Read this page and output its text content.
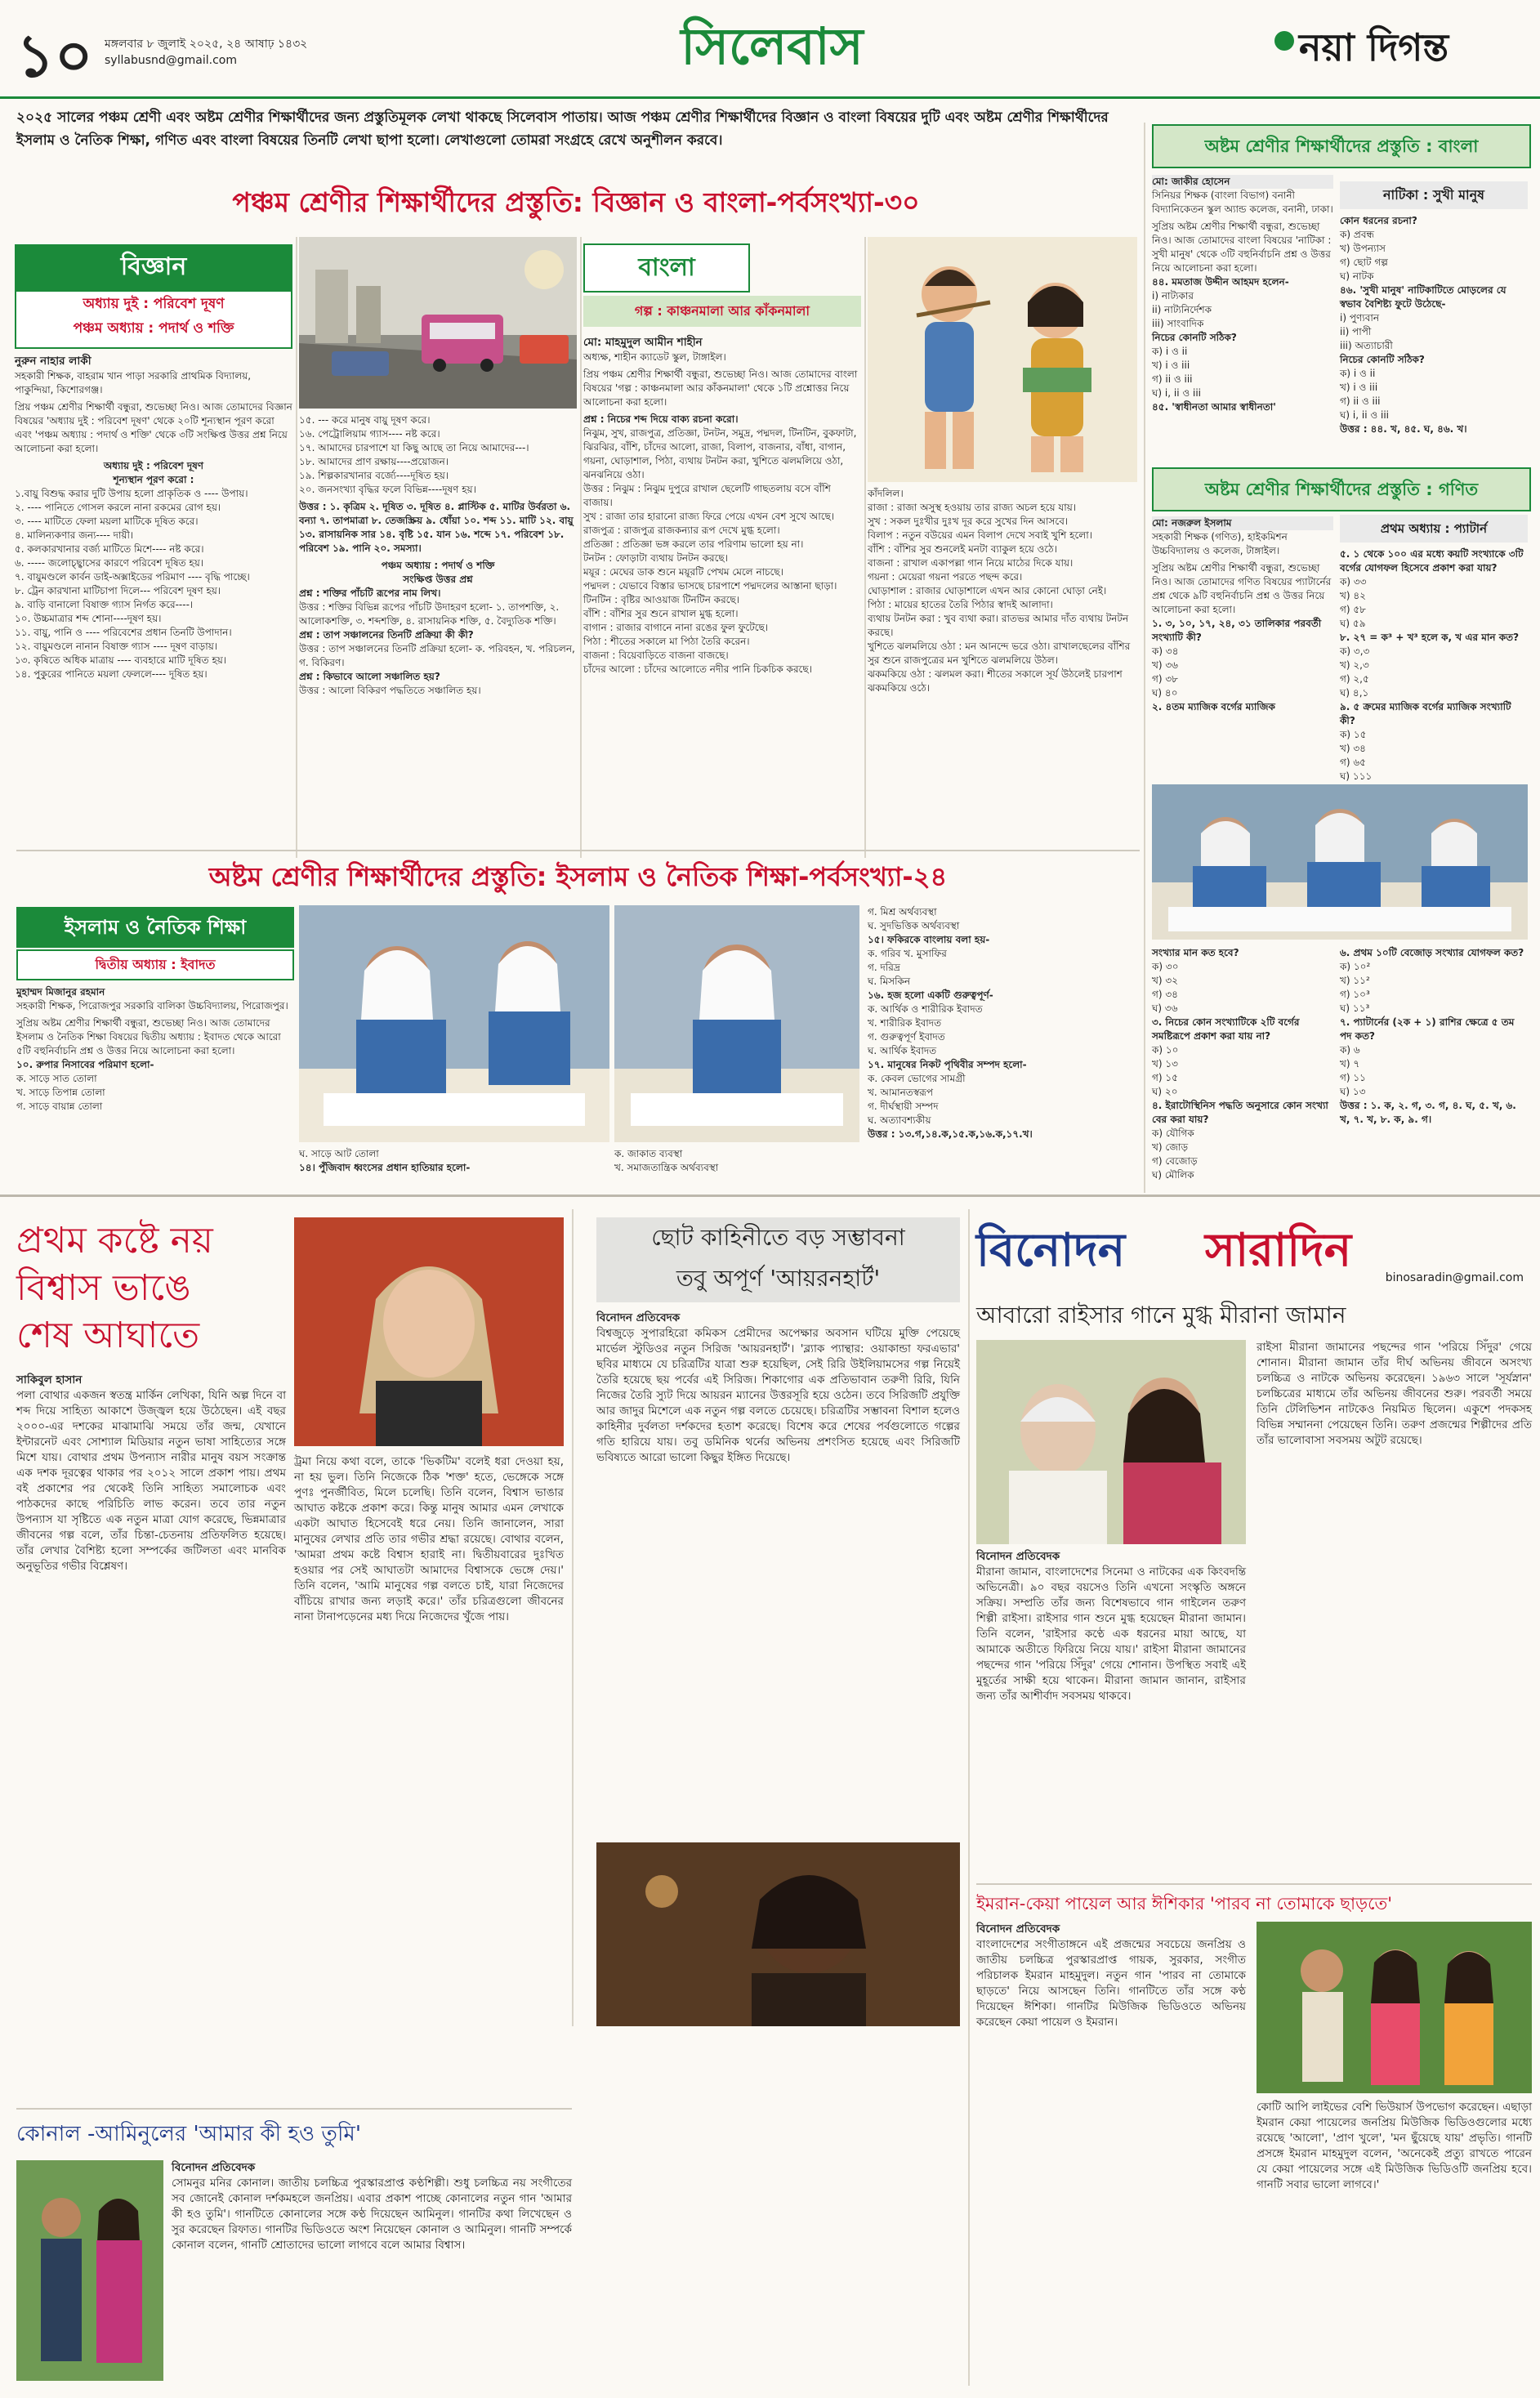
১০ মঙ্গলবার ৮ জুলাই ২০২৫, ২৪ আষাঢ় ১৪৩২
syllabusnd@gmail.com	সিলেবাস	নয়া দিগন্ত
২০২৫ সালের পঞ্চম শ্রেণী এবং অষ্টম শ্রেণীর শিক্ষার্থীদের জন্য প্রস্তুতিমূলক লেখা থাকছে সিলেবাস পাতায়। আজ পঞ্চম শ্রেণীর শিক্ষার্থীদের বিজ্ঞান ও বাংলা বিষয়ের দুটি এবং অষ্টম শ্রেণীর শিক্ষার্থীদের ইসলাম ও নৈতিক শিক্ষা, গণিত এবং বাংলা বিষয়ের তিনটি লেখা ছাপা হলো। লেখাগুলো তোমরা সংগ্রহে রেখে অনুশীলন করবে।
পঞ্চম শ্রেণীর শিক্ষার্থীদের প্রস্তুতি: বিজ্ঞান ও বাংলা-পর্বসংখ্যা-৩০
বিজ্ঞান
অধ্যায় দুই : পরিবেশ দূষণ
পঞ্চম অধ্যায় : পদার্থ ও শক্তি
নুরুন নাহার লাকী
সহকারী শিক্ষক, বাহরাম খান পাড়া সরকারি প্রাথমিক বিদ্যালয়, পাকুন্দিয়া, কিশোরগঞ্জ।
প্রিয় পঞ্চম শ্রেণীর শিক্ষার্থী বন্ধুরা, শুভেচ্ছা নিও। আজ তোমাদের বিজ্ঞান বিষয়ের 'অধ্যায় দুই : পরিবেশ দূষণ' থেকে ২০টি শূন্যস্থান পূরণ করো এবং 'পঞ্চম অধ্যায় : পদার্থ ও শক্তি' থেকে ৩টি সংক্ষিপ্ত উত্তর প্রশ্ন নিয়ে আলোচনা করা হলো।
অধ্যায় দুই : পরিবেশ দূষণ
শূন্যস্থান পূরণ করো :
১.বায়ু বিশুদ্ধ করার দুটি উপায় হলো প্রাকৃতিক ও ---- উপায়।
২. ---- পানিতে গোসল করলে নানা রকমের রোগ হয়।
৩. ---- মাটিতে ফেলা ময়লা মাটিকে দূষিত করে।
৪. মালিন্যকণার জন্য---- দায়ী।
৫. কলকারখানার বর্জ্য মাটিতে মিশে---- নষ্ট করে।
৬. ----- জলোচ্ছ্বাসের কারণে পরিবেশ দূষিত হয়।
৭. বায়ুমণ্ডলে কার্বন ডাই-অক্সাইডের পরিমাণ ---- বৃদ্ধি পাচ্ছে।
৮. ট্রেন কারখানা মাটিচাপা দিলে--- পরিবেশ দূষণ হয়।
৯. বাড়ি বানালো বিষাক্ত গ্যাস নির্গত করে----।
১০. উচ্চমাত্রার শব্দ শোনা----দূষণ হয়।
১১. বায়ু, পানি ও ---- পরিবেশের প্রধান তিনটি উপাদান।
১২. বায়ুমণ্ডলে নানান বিষাক্ত গ্যাস ---- দূষণ বাড়ায়।
১৩. কৃষিতে অধিক মাত্রায় ---- ব্যবহারে মাটি দূষিত হয়।
১৪. পুকুরের পানিতে ময়লা ফেললে---- দূষিত হয়।
১৫. --- করে মানুষ বায়ু দূষণ করে।
১৬. পেট্রোলিয়াম গ্যাস---- নষ্ট করে।
১৭. আমাদের চারপাশে যা কিছু আছে তা নিয়ে আমাদের---।
১৮. আমাদের প্রাণ রক্ষায়----প্রয়োজন।
১৯. শিল্পকারখানার বর্জ্যে----দূষিত হয়।
২০. জনসংখ্যা বৃদ্ধির ফলে বিভিন্ন----দূষণ হয়।
উত্তর : ১. কৃত্রিম ২. দূষিত ৩. দূষিত ৪. প্লাস্টিক ৫. মাটির উর্বরতা ৬. বন্যা ৭. তাপমাত্রা ৮. তেজস্ক্রিয় ৯. ধোঁয়া ১০. শব্দ ১১. মাটি ১২. বায়ু ১৩. রাসায়নিক সার ১৪. বৃষ্টি ১৫. যান ১৬. শব্দে ১৭. পরিবেশ ১৮. পরিবেশ ১৯. পানি ২০. সমস্যা।
পঞ্চম অধ্যায় : পদার্থ ও শক্তি
সংক্ষিপ্ত উত্তর প্রশ্ন
প্রশ্ন : শক্তির পাঁচটি রূপের নাম লিখ।
উত্তর : শক্তির বিভিন্ন রূপের পাঁচটি উদাহরণ হলো- ১. তাপশক্তি, ২. আলোকশক্তি, ৩. শব্দশক্তি, ৪. রাসায়নিক শক্তি, ৫. বৈদ্যুতিক শক্তি।
প্রশ্ন : তাপ সঞ্চালনের তিনটি প্রক্রিয়া কী কী?
উত্তর : তাপ সঞ্চালনের তিনটি প্রক্রিয়া হলো- ক. পরিবহন, খ. পরিচলন, গ. বিকিরণ।
প্রশ্ন : কিভাবে আলো সঞ্চালিত হয়?
উত্তর : আলো বিকিরণ পদ্ধতিতে সঞ্চালিত হয়।
বাংলা
গল্প : কাঞ্চনমালা আর কাঁকনমালা
মো: মাহমুদুল আমীন শাহীন
অধ্যক্ষ, শাহীন ক্যাডেট স্কুল, টাঙ্গাইল।
প্রিয় পঞ্চম শ্রেণীর শিক্ষার্থী বন্ধুরা, শুভেচ্ছা নিও। আজ তোমাদের বাংলা বিষয়ের 'গল্প : কাঞ্চনমালা আর কাঁকনমালা' থেকে ১টি প্রশ্নোত্তর নিয়ে আলোচনা করা হলো।
প্রশ্ন : নিচের শব্দ দিয়ে বাক্য রচনা করো।
নিঝুম, সুখ, রাজপুত্র, প্রতিজ্ঞা, টনটন, সমুদ্র, পদ্মদল, টিনটিন, বুকফাটা, ঝিরঝির, বাঁশি, চাঁদের আলো, রাজা, বিলাপ, বাজনার, বাঁধা, বাগান, গয়না, ঘোড়াশাল, পিঠা, ব্যথায় টনটন করা, খুশিতে ঝলমলিয়ে ওঠা, ঝনঝনিয়ে ওঠা।
উত্তর : নিঝুম : নিঝুম দুপুরে রাখাল ছেলেটি গাছতলায় বসে বাঁশি বাজায়।
সুখ : রাজা তার হারানো রাজ্য ফিরে পেয়ে এখন বেশ সুখে আছে।
রাজপুত্র : রাজপুত্র রাজকন্যার রূপ দেখে মুগ্ধ হলো।
প্রতিজ্ঞা : প্রতিজ্ঞা ভঙ্গ করলে তার পরিণাম ভালো হয় না।
টনটন : ফোড়াটা ব্যথায় টনটন করছে।
ময়ূর : মেঘের ডাক শুনে ময়ূরটি পেখম মেলে নাচছে।
পদ্মদল : যেভাবে বিস্তার ভাসছে চারপাশে পদ্মদলের আস্তানা ছাড়া।
টিনটিন : বৃষ্টির আওয়াজ টিনটিন করছে।
বাঁশি : বাঁশির সুর শুনে রাখাল মুগ্ধ হলো।
বাগান : রাজার বাগানে নানা রঙের ফুল ফুটেছে।
পিঠা : শীতের সকালে মা পিঠা তৈরি করেন।
বাজনা : বিয়েবাড়িতে বাজনা বাজছে।
চাঁদের আলো : চাঁদের আলোতে নদীর পানি চিকচিক করছে।
কাঁদলিল।
রাজা : রাজা অসুস্থ হওয়ায় তার রাজ্য অচল হয়ে যায়।
সুখ : সকল দুঃখীর দুঃখ দূর করে সুখের দিন আসবে।
বিলাপ : নতুন বউয়ের এমন বিলাপ দেখে সবাই খুশি হলো।
বাঁশি : বাঁশির সুর শুনলেই মনটা ব্যাকুল হয়ে ওঠে।
বাজনা : রাখাল একাপল্লা গান নিয়ে মাঠের দিকে যায়।
গয়না : মেয়েরা গয়না পরতে পছন্দ করে।
ঘোড়াশাল : রাজার ঘোড়াশালে এখন আর কোনো ঘোড়া নেই।
পিঠা : মায়ের হাতের তৈরি পিঠার স্বাদই আলাদা।
ব্যথায় টনটন করা : খুব ব্যথা করা। রাতভর আমার দাঁত ব্যথায় টনটন করছে।
খুশিতে ঝলমলিয়ে ওঠা : মন আনন্দে ভরে ওঠা। রাখালছেলের বাঁশির সুর শুনে রাজপুত্রের মন খুশিতে ঝলমলিয়ে উঠল।
ঝকমকিয়ে ওঠা : ঝলমল করা। শীতের সকালে সূর্য উঠলেই চারপাশ ঝকমকিয়ে ওঠে।
অষ্টম শ্রেণীর শিক্ষার্থীদের প্রস্তুতি : বাংলা
মো: জাকীর হোসেন
সিনিয়র শিক্ষক (বাংলা বিভাগ) বনানী বিদ্যানিকেতন স্কুল অ্যান্ড কলেজ, বনানী, ঢাকা।
সুপ্রিয় অষ্টম শ্রেণীর শিক্ষার্থী বন্ধুরা, শুভেচ্ছা নিও। আজ তোমাদের বাংলা বিষয়ের 'নাটিকা : সুখী মানুষ' থেকে ৩টি বহুনির্বাচনি প্রশ্ন ও উত্তর নিয়ে আলোচনা করা হলো।
৪৪. মমতাজ উদ্দীন আহমদ হলেন-
i) নাট্যকার
ii) নাট্যনির্দেশক
iii) সাংবাদিক
নিচের কোনটি সঠিক?
ক) i ও ii
খ) i ও iii
গ) ii ও iii
ঘ) i, ii ও iii
৪৫. 'স্বাধীনতা আমার স্বাধীনতা'
নাটিকা : সুখী মানুষ
কোন ধরনের রচনা?
ক) প্রবন্ধ
খ) উপন্যাস
গ) ছোট গল্প
ঘ) নাটক
৪৬. 'সুখী মানুষ' নাটিকাটিতে মোড়লের যে স্বভাব বৈশিষ্ট্য ফুটে উঠেছে-
i) পুণ্যবান
ii) পাপী
iii) অত্যাচারী
নিচের কোনটি সঠিক?
ক) i ও ii
খ) i ও iii
গ) ii ও iii
ঘ) i, ii ও iii
উত্তর : ৪৪. খ, ৪৫. ঘ, ৪৬. খ।
অষ্টম শ্রেণীর শিক্ষার্থীদের প্রস্তুতি : গণিত
প্রথম অধ্যায় : প্যাটার্ন
মো: নজরুল ইসলাম
সহকারী শিক্ষক (গণিত), হাইকমিশন উচ্চবিদ্যালয় ও কলেজ, টাঙ্গাইল।
সুপ্রিয় অষ্টম শ্রেণীর শিক্ষার্থী বন্ধুরা, শুভেচ্ছা নিও। আজ তোমাদের গণিত বিষয়ের প্যাটার্নের প্রশ্ন থেকে ৯টি বহুনির্বাচনি প্রশ্ন ও উত্তর নিয়ে আলোচনা করা হলো।
১. ৩, ১০, ১৭, ২৪, ৩১ তালিকার পরবর্তী সংখ্যাটি কী?
ক) ৩৪
খ) ৩৬
গ) ৩৮
ঘ) ৪০
২. ৪তম ম্যাজিক বর্গের ম্যাজিক
৫. ১ থেকে ১০০ এর মধ্যে কয়টি সংখ্যাকে ৩টি বর্গের যোগফল হিসেবে প্রকাশ করা যায়?
ক) ৩৩
খ) ৪২
গ) ৫৮
ঘ) ৫৯
৮. ২৭ = ক³ + খ³ হলে ক, খ এর মান কত?
ক) ৩,৩
খ) ২,৩
গ) ২,৫
ঘ) ৪,১
৯. ৫ ক্রমের ম্যাজিক বর্গের ম্যাজিক সংখ্যাটি কী?
ক) ১৫
খ) ৩৪
গ) ৬৫
ঘ) ১১১
সংখ্যার মান কত হবে?
ক) ৩০
খ) ৩২
গ) ৩৪
ঘ) ৩৬
৩. নিচের কোন সংখ্যাটিকে ২টি বর্গের সমষ্টিরূপে প্রকাশ করা যায় না?
ক) ১০
খ) ১৩
গ) ১৫
ঘ) ২০
৪. ইরাটোস্থিনিস পদ্ধতি অনুসারে কোন সংখ্যা বের করা যায়?
ক) যৌগিক
খ) জোড়
গ) বেজোড়
ঘ) মৌলিক
৬. প্রথম ১০টি বেজোড় সংখ্যার যোগফল কত?
ক) ১০²
খ) ১১²
গ) ১০³
ঘ) ১১³
৭. প্যাটার্নের (২ক + ১) রাশির ক্ষেত্রে ৫ তম পদ কত?
ক) ৬
খ) ৭
গ) ১১
ঘ) ১৩
উত্তর : ১. ক, ২. গ, ৩. গ, ৪. ঘ, ৫. খ, ৬. খ, ৭. খ, ৮. ক, ৯. গ।
অষ্টম শ্রেণীর শিক্ষার্থীদের প্রস্তুতি: ইসলাম ও নৈতিক শিক্ষা-পর্বসংখ্যা-২৪
ইসলাম ও নৈতিক শিক্ষা
দ্বিতীয় অধ্যায় : ইবাদত
মুহাম্মদ মিজানুর রহমান
সহকারী শিক্ষক, পিরোজপুর সরকারি বালিকা উচ্চবিদ্যালয়, পিরোজপুর।
সুপ্রিয় অষ্টম শ্রেণীর শিক্ষার্থী বন্ধুরা, শুভেচ্ছা নিও। আজ তোমাদের ইসলাম ও নৈতিক শিক্ষা বিষয়ের দ্বিতীয় অধ্যায় : ইবাদত থেকে আরো ৫টি বহুনির্বাচনি প্রশ্ন ও উত্তর নিয়ে আলোচনা করা হলো।
১০. রুপার নিসাবের পরিমাণ হলো-
ক. সাড়ে সাত তোলা
খ. সাড়ে তিপান্ন তোলা
গ. সাড়ে বায়ান্ন তোলা
ঘ. সাড়ে আট তোলা
১৪। পুঁজিবাদ ধ্বংসের প্রধান হাতিয়ার হলো-
ক. জাকাত ব্যবস্থা
খ. সমাজতান্ত্রিক অর্থব্যবস্থা
গ. মিশ্র অর্থব্যবস্থা
ঘ. সুদভিত্তিক অর্থব্যবস্থা
১৫। ফকিরকে বাংলায় বলা হয়-
ক. গরিব খ. মুসাফির
গ. দরিদ্র
ঘ. মিসকিন
১৬. হজ হলো একটি গুরুত্বপূর্ণ-
ক. আর্থিক ও শারীরিক ইবাদত
খ. শারীরিক ইবাদত
গ. গুরুত্বপূর্ণ ইবাদত
ঘ. আর্থিক ইবাদত
১৭. মানুষের নিকট পৃথিবীর সম্পদ হলো-
ক. কেবল ভোগের সামগ্রী
খ. আমানতস্বরূপ
গ. দীর্ঘস্থায়ী সম্পদ
ঘ. অত্যাবশ্যকীয়
উত্তর : ১৩.গ,১৪.ক,১৫.ক,১৬.ক,১৭.খ।
প্রথম কষ্টে নয়
বিশ্বাস ভাঙে
শেষ আঘাতে
সাকিবুল হাসান
পলা বোথার একজন স্বতন্ত্র মার্কিন লেখিকা, যিনি অল্প দিনে বা শব্দ দিয়ে সাহিত্য আকাশে উজ্জ্বল হয়ে উঠেছেন। এই বছর ২০০০-এর দশকের মাঝামাঝি সময়ে তাঁর জন্ম, যেখানে ইন্টারনেট এবং সোশ্যাল মিডিয়ার নতুন ভাষা সাহিত্যের সঙ্গে মিশে যায়। বোথার প্রথম উপন্যাস নারীর মানুষ বয়স সংক্রান্ত এক দশক দূরত্বের থাকার পর ২০১২ সালে প্রকাশ পায়। প্রথম বই প্রকাশের পর থেকেই তিনি সাহিত্য সমালোচক এবং পাঠকদের কাছে পরিচিতি লাভ করেন। তবে তার নতুন উপন্যাস যা সৃষ্টিতে এক নতুন মাত্রা যোগ করেছে, ভিন্নমাত্রার জীবনের গল্প বলে, তাঁর চিন্তা-চেতনায় প্রতিফলিত হয়েছে। তাঁর লেখার বৈশিষ্ট্য হলো সম্পর্কের জটিলতা এবং মানবিক অনুভূতির গভীর বিশ্লেষণ।
ট্রমা নিয়ে কথা বলে, তাকে 'ভিকটিম' বলেই ধরা দেওয়া হয়, না হয় ভুল। তিনি নিজেকে ঠিক 'শক্ত' হতে, ভেঙ্গেকে সঙ্গে পুণঃ পুনর্জীবিত, মিলে চলেছি। তিনি বলেন, বিশ্বাস ভাঙার আঘাত কষ্টকে প্রকাশ করে। কিন্তু মানুষ আমার এমন লেখাকে একটা আঘাত হিসেবেই ধরে নেয়। তিনি জানালেন, সারা মানুষের লেখার প্রতি তার গভীর শ্রদ্ধা রয়েছে। বোথার বলেন, 'আমরা প্রথম কষ্টে বিশ্বাস হারাই না। দ্বিতীয়বারের দুঃখিত হওয়ার পর সেই আঘাতটা আমাদের বিশ্বাসকে ভেঙ্গে দেয়।' তিনি বলেন, 'আমি মানুষের গল্প বলতে চাই, যারা নিজেদের বাঁচিয়ে রাখার জন্য লড়াই করে।' তাঁর চরিত্রগুলো জীবনের নানা টানাপড়েনের মধ্য দিয়ে নিজেদের খুঁজে পায়।
ছোট কাহিনীতে বড় সম্ভাবনা
তবু অপূর্ণ 'আয়রনহার্ট'
বিনোদন প্রতিবেদক
বিশ্বজুড়ে সুপারহিরো কমিকস প্রেমীদের অপেক্ষার অবসান ঘটিয়ে মুক্তি পেয়েছে মার্ভেল স্টুডিওর নতুন সিরিজ 'আয়রনহার্ট'। 'ব্ল্যাক প্যান্থার: ওয়াকান্ডা ফরএভার' ছবির মাধ্যমে যে চরিত্রটির যাত্রা শুরু হয়েছিল, সেই রিরি উইলিয়ামসের গল্প নিয়েই তৈরি হয়েছে ছয় পর্বের এই সিরিজ। শিকাগোর এক প্রতিভাবান তরুণী রিরি, যিনি নিজের তৈরি স্যুট দিয়ে আয়রন ম্যানের উত্তরসূরি হয়ে ওঠেন। তবে সিরিজটি প্রযুক্তি আর জাদুর মিশেলে এক নতুন গল্প বলতে চেয়েছে। চরিত্রটির সম্ভাবনা বিশাল হলেও কাহিনীর দুর্বলতা দর্শকদের হতাশ করেছে। বিশেষ করে শেষের পর্বগুলোতে গল্পের গতি হারিয়ে যায়। তবু ডমিনিক থর্নের অভিনয় প্রশংসিত হয়েছে এবং সিরিজটি ভবিষ্যতে আরো ভালো কিছুর ইঙ্গিত দিয়েছে।
বিনোদন সারাদিন
binosaradin@gmail.com
আবারো রাইসার গানে মুগ্ধ মীরানা জামান
বিনোদন প্রতিবেদক
মীরানা জামান, বাংলাদেশের সিনেমা ও নাটকের এক কিংবদন্তি অভিনেত্রী। ৯০ বছর বয়সেও তিনি এখনো সংস্কৃতি অঙ্গনে সক্রিয়। সম্প্রতি তাঁর জন্য বিশেষভাবে গান গাইলেন তরুণ শিল্পী রাইসা। রাইসার গান শুনে মুগ্ধ হয়েছেন মীরানা জামান। তিনি বলেন, 'রাইসার কণ্ঠে এক ধরনের মায়া আছে, যা আমাকে অতীতে ফিরিয়ে নিয়ে যায়।' রাইসা মীরানা জামানের পছন্দের গান 'পরিয়ে সিঁদুর' গেয়ে শোনান। উপস্থিত সবাই এই মুহূর্তের সাক্ষী হয়ে থাকেন। মীরানা জামান জানান, রাইসার জন্য তাঁর আশীর্বাদ সবসময় থাকবে।
রাইসা মীরানা জামানের পছন্দের গান 'পরিয়ে সিঁদুর' গেয়ে শোনান। মীরানা জামান তাঁর দীর্ঘ অভিনয় জীবনে অসংখ্য চলচ্চিত্র ও নাটকে অভিনয় করেছেন। ১৯৬৩ সালে 'সূর্যস্নান' চলচ্চিত্রের মাধ্যমে তাঁর অভিনয় জীবনের শুরু। পরবর্তী সময়ে তিনি টেলিভিশন নাটকেও নিয়মিত ছিলেন। একুশে পদকসহ বিভিন্ন সম্মাননা পেয়েছেন তিনি। তরুণ প্রজন্মের শিল্পীদের প্রতি তাঁর ভালোবাসা সবসময় অটুট রয়েছে।
ইমরান-কেয়া পায়েল আর ঈশিকার 'পারব না তোমাকে ছাড়তে'
বিনোদন প্রতিবেদক
বাংলাদেশের সংগীতাঙ্গনে এই প্রজন্মের সবচেয়ে জনপ্রিয় ও জাতীয় চলচ্চিত্র পুরস্কারপ্রাপ্ত গায়ক, সুরকার, সংগীত পরিচালক ইমরান মাহমুদুল। নতুন গান 'পারব না তোমাকে ছাড়তে' নিয়ে আসছেন তিনি। গানটিতে তাঁর সঙ্গে কণ্ঠ দিয়েছেন ঈশিকা। গানটির মিউজিক ভিডিওতে অভিনয় করেছেন কেয়া পায়েল ও ইমরান।
কোটি আপি লাইভের বেশি ভিউয়ার্স উপভোগ করেছেন। এছাড়া ইমরান কেয়া পায়েলের জনপ্রিয় মিউজিক ভিডিওগুলোর মধ্যে রয়েছে 'আলো', 'প্রাণ খুলে', 'মন ছুঁয়েছে যায়' প্রভৃতি। গানটি প্রসঙ্গে ইমরান মাহমুদুল বলেন, 'অনেকেই প্রত্যু রাখতে পারেন যে কেয়া পায়েলের সঙ্গে এই মিউজিক ভিডিওটি জনপ্রিয় হবে। গানটি সবার ভালো লাগবে।'
কোনাল -আমিনুলের 'আমার কী হও তুমি'
বিনোদন প্রতিবেদক
সোমনুর মনির কোনাল। জাতীয় চলচ্চিত্র পুরস্কারপ্রাপ্ত কণ্ঠশিল্পী। শুধু চলচ্চিত্র নয় সংগীতের সব জোনেই কোনাল দর্শকমহলে জনপ্রিয়। এবার প্রকাশ পাচ্ছে কোনালের নতুন গান 'আমার কী হও তুমি'। গানটিতে কোনালের সঙ্গে কণ্ঠ দিয়েছেন আমিনুল। গানটির কথা লিখেছেন ও সুর করেছেন রিফাত। গানটির ভিডিওতে অংশ নিয়েছেন কোনাল ও আমিনুল। গানটি সম্পর্কে কোনাল বলেন, গানটি শ্রোতাদের ভালো লাগবে বলে আমার বিশ্বাস।
